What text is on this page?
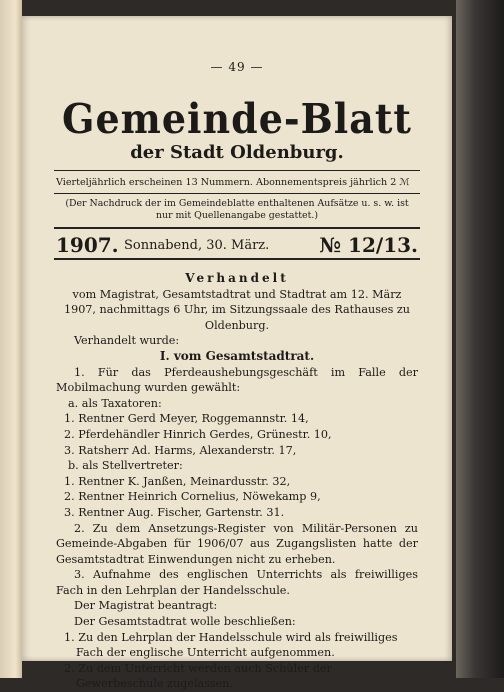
— 49 —
Gemeinde-Blatt
der Stadt Oldenburg.
Vierteljährlich erscheinen 13 Nummern. Abonnementspreis jährlich 2 ℳ
(Der Nachdruck der im Gemeindeblatte enthaltenen Aufsätze u. s. w. ist nur mit Quellenangabe gestattet.)
1907. Sonnabend, 30. März.	№ 12/13.

Verhandelt

vom Magistrat, Gesamtstadtrat und Stadtrat am 12. März 1907, nachmittags 6 Uhr, im Sitzungssaale des Rathauses zu Oldenburg.

Verhandelt wurde:

I. vom Gesamtstadtrat.

1. Für das Pferdeaushebungsgeschäft im Falle der Mobilmachung wurden gewählt:

a. als Taxatoren:

1. Rentner Gerd Meyer, Roggemannstr. 14,

2. Pferdehändler Hinrich Gerdes, Grünestr. 10,

3. Ratsherr Ad. Harms, Alexanderstr. 17,

b. als Stellvertreter:

1. Rentner K. Janßen, Meinardusstr. 32,

2. Rentner Heinrich Cornelius, Nöwekamp 9,

3. Rentner Aug. Fischer, Gartenstr. 31.

2. Zu dem Ansetzungs-Register von Militär-Personen zu Gemeinde-Abgaben für 1906/07 aus Zugangslisten hatte der Gesamtstadtrat Einwendungen nicht zu erheben.

3. Aufnahme des englischen Unterrichts als freiwilliges Fach in den Lehrplan der Handelsschule.

Der Magistrat beantragt:

Der Gesamtstadtrat wolle beschließen:

1. Zu den Lehrplan der Handelsschule wird als freiwilliges Fach der englische Unterricht aufgenommen.

2. Zu dem Unterricht werden auch Schüler der Gewerbeschule zugelassen.
